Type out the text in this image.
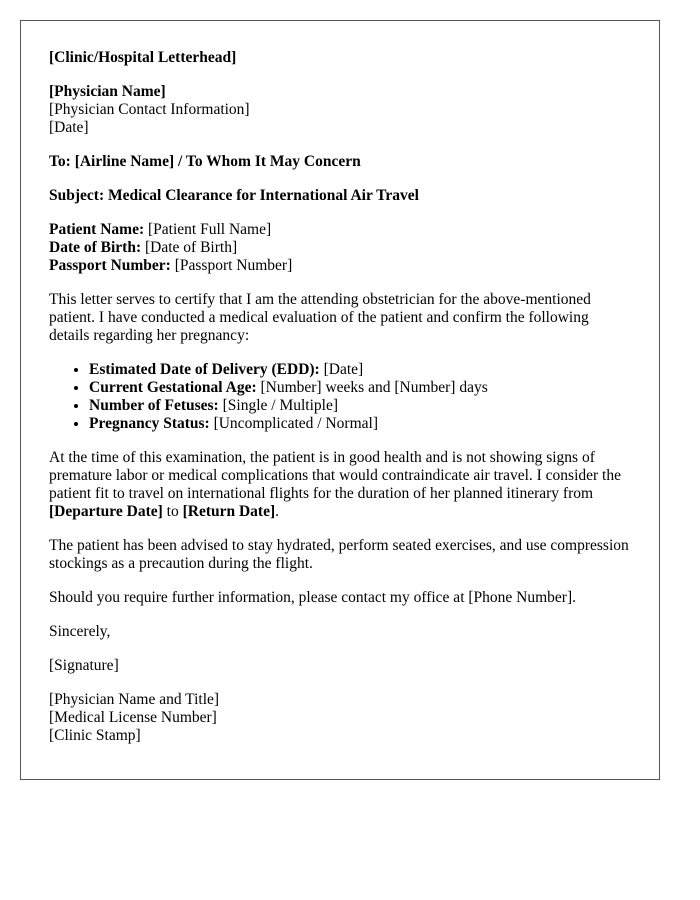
[Clinic/Hospital Letterhead]

[Physician Name]
[Physician Contact Information]
[Date]

To: [Airline Name] / To Whom It May Concern

Subject: Medical Clearance for International Air Travel

Patient Name: [Patient Full Name]
Date of Birth: [Date of Birth]
Passport Number: [Passport Number]

This letter serves to certify that I am the attending obstetrician for the above-mentioned patient. I have conducted a medical evaluation of the patient and confirm the following details regarding her pregnancy:

• Estimated Date of Delivery (EDD): [Date]
• Current Gestational Age: [Number] weeks and [Number] days
• Number of Fetuses: [Single / Multiple]
• Pregnancy Status: [Uncomplicated / Normal]

At the time of this examination, the patient is in good health and is not showing signs of premature labor or medical complications that would contraindicate air travel. I consider the patient fit to travel on international flights for the duration of her planned itinerary from [Departure Date] to [Return Date].

The patient has been advised to stay hydrated, perform seated exercises, and use compression stockings as a precaution during the flight.

Should you require further information, please contact my office at [Phone Number].

Sincerely,

[Signature]

[Physician Name and Title]
[Medical License Number]
[Clinic Stamp]
